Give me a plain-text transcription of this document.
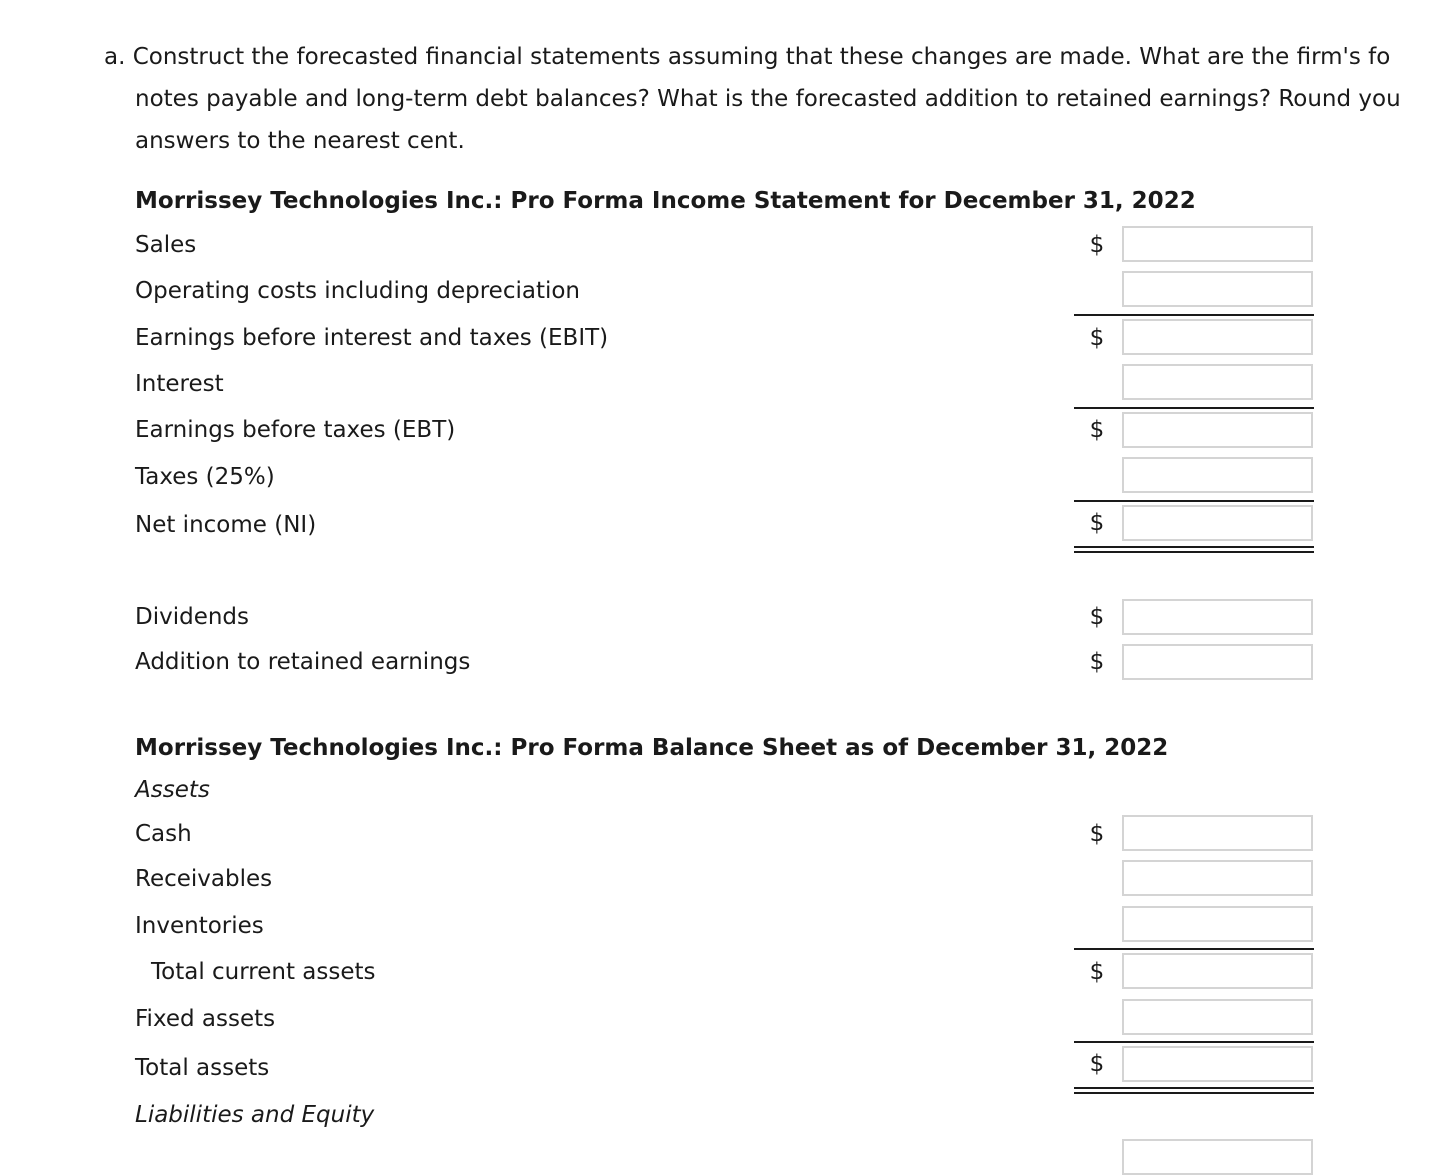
a. Construct the forecasted financial statements assuming that these changes are made. What are the firm's fo
notes payable and long-term debt balances? What is the forecasted addition to retained earnings? Round you
answers to the nearest cent.
Morrissey Technologies Inc.: Pro Forma Income Statement for December 31, 2022
Sales	$
Operating costs including depreciation
Earnings before interest and taxes (EBIT)	$
Interest
Earnings before taxes (EBT)	$
Taxes (25%)
Net income (NI)	$
Dividends	$
Addition to retained earnings	$
Morrissey Technologies Inc.: Pro Forma Balance Sheet as of December 31, 2022
Assets
Cash	$
Receivables
Inventories
Total current assets	$
Fixed assets
Total assets	$
Liabilities and Equity
